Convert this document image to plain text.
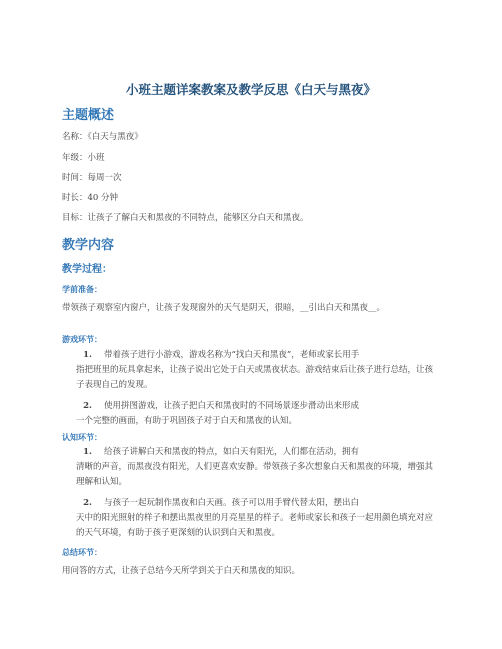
小班主题详案教案及教学反思《白天与黑夜》
主题概述
名称：《白天与黑夜》
年级：小班
时间：每周一次
时长：40 分钟
目标：让孩子了解白天和黑夜的不同特点，能够区分白天和黑夜。
教学内容
教学过程：
学前准备：
带领孩子观察室内窗户，让孩子发现窗外的天气是阴天，很暗，__引出白天和黑夜__。
游戏环节：
1. 带着孩子进行小游戏，游戏名称为“找白天和黑夜”，老师或家长用手
指把班里的玩具拿起来，让孩子说出它处于白天或黑夜状态。游戏结束后让孩子进行总结，让孩子表现自己的发现。
2. 使用拼图游戏，让孩子把白天和黑夜时的不同场景逐步滑动出来形成
一个完整的画面，有助于巩固孩子对于白天和黑夜的认知。
认知环节：
1. 给孩子讲解白天和黑夜的特点，如白天有阳光，人们都在活动，拥有
清晰的声音，而黑夜没有阳光，人们更喜欢安静。带领孩子多次想象白天和黑夜的环境，增强其理解和认知。
2. 与孩子一起玩制作黑夜和白天画。孩子可以用手臂代替太阳，摆出白
天中的阳光照射的样子和摆出黑夜里的月亮星星的样子。老师或家长和孩子一起用颜色填充对应的天气环境，有助于孩子更深刻的认识到白天和黑夜。
总结环节：
用问答的方式，让孩子总结今天所学到关于白天和黑夜的知识。
